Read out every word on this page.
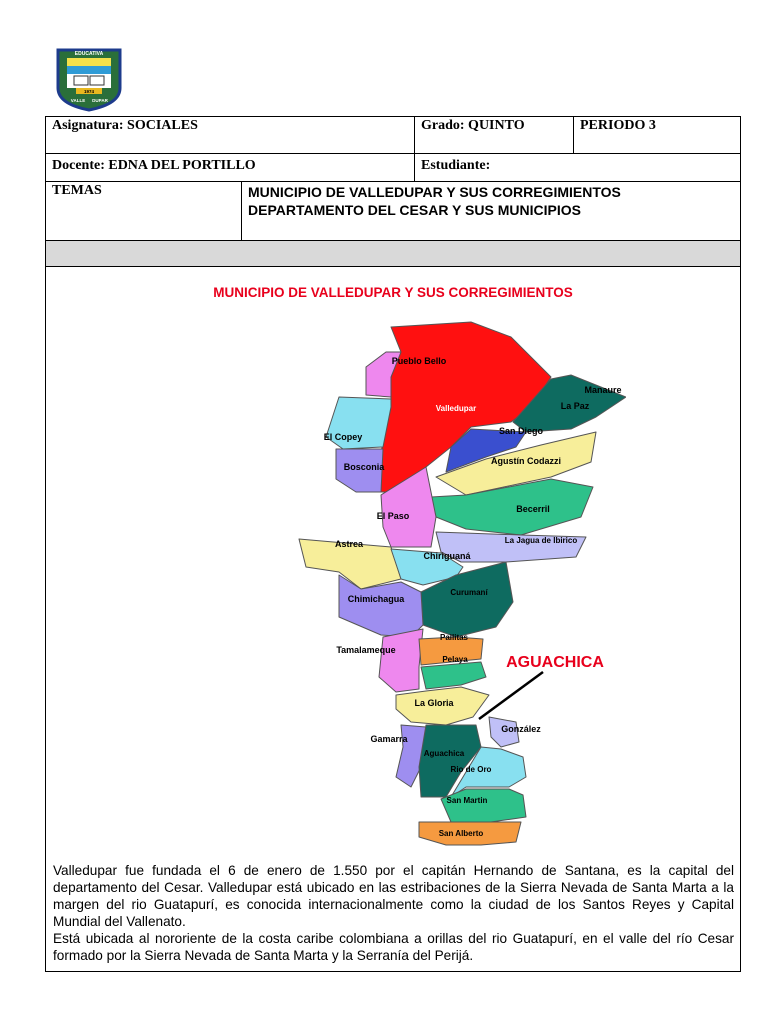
EDUCATIVA
1974
VALLE DUPAR
Asignatura: SOCIALES	Grado: QUINTO	PERIODO 3
Docente: EDNA DEL PORTILLO	Estudiante:
TEMAS	MUNICIPIO DE VALLEDUPAR Y SUS CORREGIMIENTOS
DEPARTAMENTO DEL CESAR Y SUS MUNICIPIOS
MUNICIPIO DE VALLEDUPAR Y SUS CORREGIMIENTOS
Pueblo Bello
Manaure
La Paz
Valledupar
San Diego
El Copey
Bosconia
Agustín Codazzi
Becerril
El Paso
La Jagua de Ibirico
Astrea
Chiriguaná
Curumaní
Chimichagua
Pailitas
Tamalameque
Pelaya
La Gloria
González
Gamarra
Aguachica
Rio de Oro
San Martin
San Alberto
AGUACHICA

Valledupar fue fundada el 6 de enero de 1.550 por el capitán Hernando de Santana, es la capital del departamento del Cesar. Valledupar está ubicado en las estribaciones de la Sierra Nevada de Santa Marta a la margen del rio Guatapurí, es conocida internacionalmente como la ciudad de los Santos Reyes y Capital Mundial del Vallenato.

Está ubicada al nororiente de la costa caribe colombiana a orillas del rio Guatapurí, en el valle del río Cesar formado por la Sierra Nevada de Santa Marta y la Serranía del Perijá.
